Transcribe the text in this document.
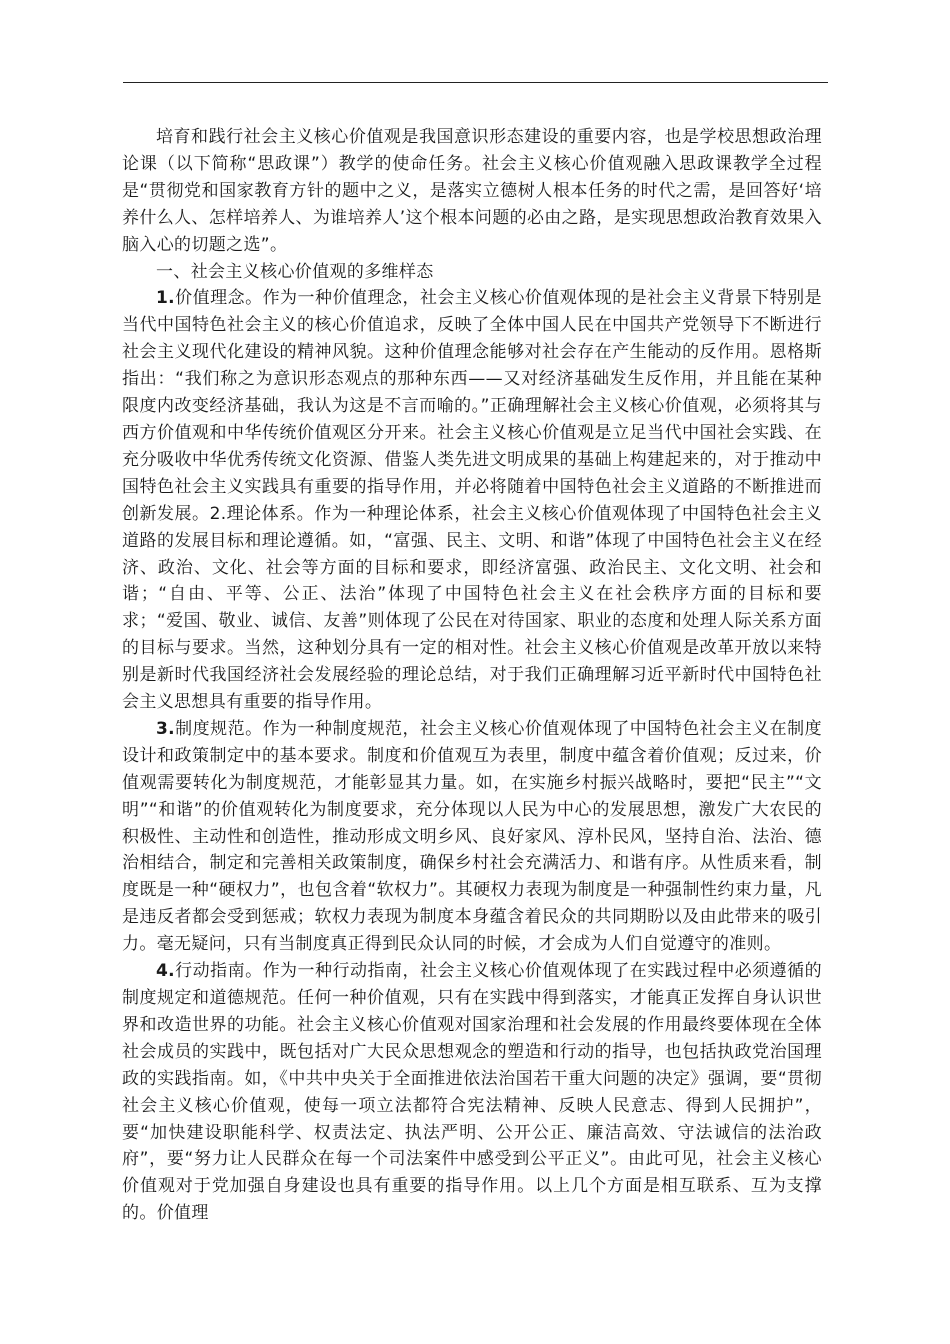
培育和践行社会主义核心价值观是我国意识形态建设的重要内容，也是学校思想政治理论课（以下简称“思政课”）教学的使命任务。社会主义核心价值观融入思政课教学全过程是“贯彻党和国家教育方针的题中之义，是落实立德树人根本任务的时代之需，是回答好‘培养什么人、怎样培养人、为谁培养人’这个根本问题的必由之路，是实现思想政治教育效果入脑入心的切题之选”。

一、社会主义核心价值观的多维样态

1.价值理念。作为一种价值理念，社会主义核心价值观体现的是社会主义背景下特别是当代中国特色社会主义的核心价值追求，反映了全体中国人民在中国共产党领导下不断进行社会主义现代化建设的精神风貌。这种价值理念能够对社会存在产生能动的反作用。恩格斯指出：“我们称之为意识形态观点的那种东西——又对经济基础发生反作用，并且能在某种限度内改变经济基础，我认为这是不言而喻的。”正确理解社会主义核心价值观，必须将其与西方价值观和中华传统价值观区分开来。社会主义核心价值观是立足当代中国社会实践、在充分吸收中华优秀传统文化资源、借鉴人类先进文明成果的基础上构建起来的，对于推动中国特色社会主义实践具有重要的指导作用，并必将随着中国特色社会主义道路的不断推进而创新发展。2.理论体系。作为一种理论体系，社会主义核心价值观体现了中国特色社会主义道路的发展目标和理论遵循。如，“富强、民主、文明、和谐”体现了中国特色社会主义在经济、政治、文化、社会等方面的目标和要求，即经济富强、政治民主、文化文明、社会和谐；“自由、平等、公正、法治”体现了中国特色社会主义在社会秩序方面的目标和要求；“爱国、敬业、诚信、友善”则体现了公民在对待国家、职业的态度和处理人际关系方面的目标与要求。当然，这种划分具有一定的相对性。社会主义核心价值观是改革开放以来特别是新时代我国经济社会发展经验的理论总结，对于我们正确理解习近平新时代中国特色社会主义思想具有重要的指导作用。

3.制度规范。作为一种制度规范，社会主义核心价值观体现了中国特色社会主义在制度设计和政策制定中的基本要求。制度和价值观互为表里，制度中蕴含着价值观；反过来，价值观需要转化为制度规范，才能彰显其力量。如，在实施乡村振兴战略时，要把“民主”“文明”“和谐”的价值观转化为制度要求，充分体现以人民为中心的发展思想，激发广大农民的积极性、主动性和创造性，推动形成文明乡风、良好家风、淳朴民风，坚持自治、法治、德治相结合，制定和完善相关政策制度，确保乡村社会充满活力、和谐有序。从性质来看，制度既是一种“硬权力”，也包含着“软权力”。其硬权力表现为制度是一种强制性约束力量，凡是违反者都会受到惩戒；软权力表现为制度本身蕴含着民众的共同期盼以及由此带来的吸引力。毫无疑问，只有当制度真正得到民众认同的时候，才会成为人们自觉遵守的准则。

4.行动指南。作为一种行动指南，社会主义核心价值观体现了在实践过程中必须遵循的制度规定和道德规范。任何一种价值观，只有在实践中得到落实，才能真正发挥自身认识世界和改造世界的功能。社会主义核心价值观对国家治理和社会发展的作用最终要体现在全体社会成员的实践中，既包括对广大民众思想观念的塑造和行动的指导，也包括执政党治国理政的实践指南。如，《中共中央关于全面推进依法治国若干重大问题的决定》强调，要“贯彻社会主义核心价值观，使每一项立法都符合宪法精神、反映人民意志、得到人民拥护”，要“加快建设职能科学、权责法定、执法严明、公开公正、廉洁高效、守法诚信的法治政府”，要“努力让人民群众在每一个司法案件中感受到公平正义”。由此可见，社会主义核心价值观对于党加强自身建设也具有重要的指导作用。以上几个方面是相互联系、互为支撑的。价值理
